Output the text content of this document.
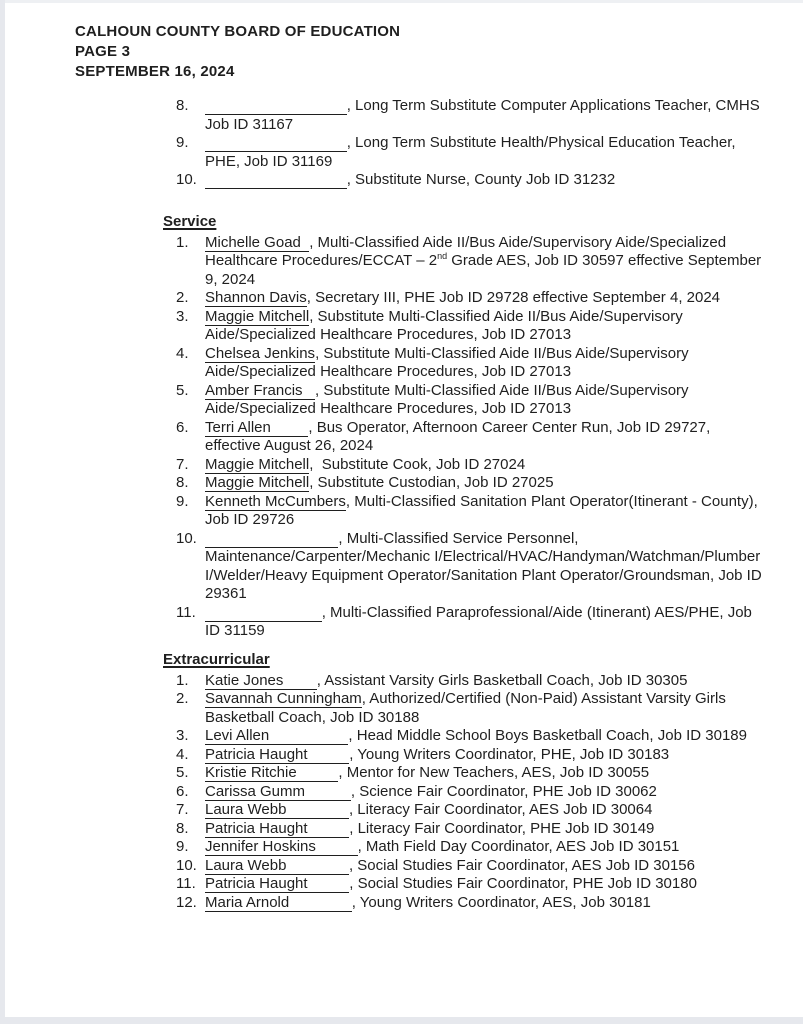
CALHOUN COUNTY BOARD OF EDUCATION
PAGE 3
SEPTEMBER 16, 2024
8.	, Long Term Substitute Computer Applications Teacher, CMHS Job ID 31167
9.	, Long Term Substitute Health/Physical Education Teacher, PHE, Job ID 31169
10.	, Substitute Nurse, County Job ID 31232
Service
1.	Michelle Goad  , Multi-Classified Aide II/Bus Aide/Supervisory Aide/Specialized Healthcare Procedures/ECCAT – 2nd Grade AES, Job ID 30597 effective September 9, 2024
2.	Shannon Davis, Secretary III, PHE Job ID 29728 effective September 4, 2024
3.	Maggie Mitchell, Substitute Multi-Classified Aide II/Bus Aide/Supervisory Aide/Specialized Healthcare Procedures, Job ID 27013
4.	Chelsea Jenkins, Substitute Multi-Classified Aide II/Bus Aide/Supervisory Aide/Specialized Healthcare Procedures, Job ID 27013
5.	Amber Francis   , Substitute Multi-Classified Aide II/Bus Aide/Supervisory Aide/Specialized Healthcare Procedures, Job ID 27013
6.	Terri Allen         , Bus Operator, Afternoon Career Center Run, Job ID 29727, effective August 26, 2024
7.	Maggie Mitchell,  Substitute Cook, Job ID 27024
8.	Maggie Mitchell, Substitute Custodian, Job ID 27025
9.	Kenneth McCumbers, Multi-Classified Sanitation Plant Operator(Itinerant - County), Job ID 29726
10.	, Multi-Classified Service Personnel, Maintenance/Carpenter/Mechanic I/Electrical/HVAC/Handyman/Watchman/Plumber I/Welder/Heavy Equipment Operator/Sanitation Plant Operator/Groundsman, Job ID 29361
11.	, Multi-Classified Paraprofessional/Aide (Itinerant) AES/PHE, Job ID 31159
Extracurricular
1.	Katie Jones        , Assistant Varsity Girls Basketball Coach, Job ID 30305
2.	Savannah Cunningham, Authorized/Certified (Non-Paid) Assistant Varsity Girls Basketball Coach, Job ID 30188
3.	Levi Allen                   , Head Middle School Boys Basketball Coach, Job ID 30189
4.	Patricia Haught          , Young Writers Coordinator, PHE, Job ID 30183
5.	Kristie Ritchie          , Mentor for New Teachers, AES, Job ID 30055
6.	Carissa Gumm           , Science Fair Coordinator, PHE Job ID 30062
7.	Laura Webb               , Literacy Fair Coordinator, AES Job ID 30064
8.	Patricia Haught          , Literacy Fair Coordinator, PHE Job ID 30149
9.	Jennifer Hoskins          , Math Field Day Coordinator, AES Job ID 30151
10. Laura Webb               , Social Studies Fair Coordinator, AES Job ID 30156
11. Patricia Haught          , Social Studies Fair Coordinator, PHE Job ID 30180
12. Maria Arnold               , Young Writers Coordinator, AES, Job 30181
